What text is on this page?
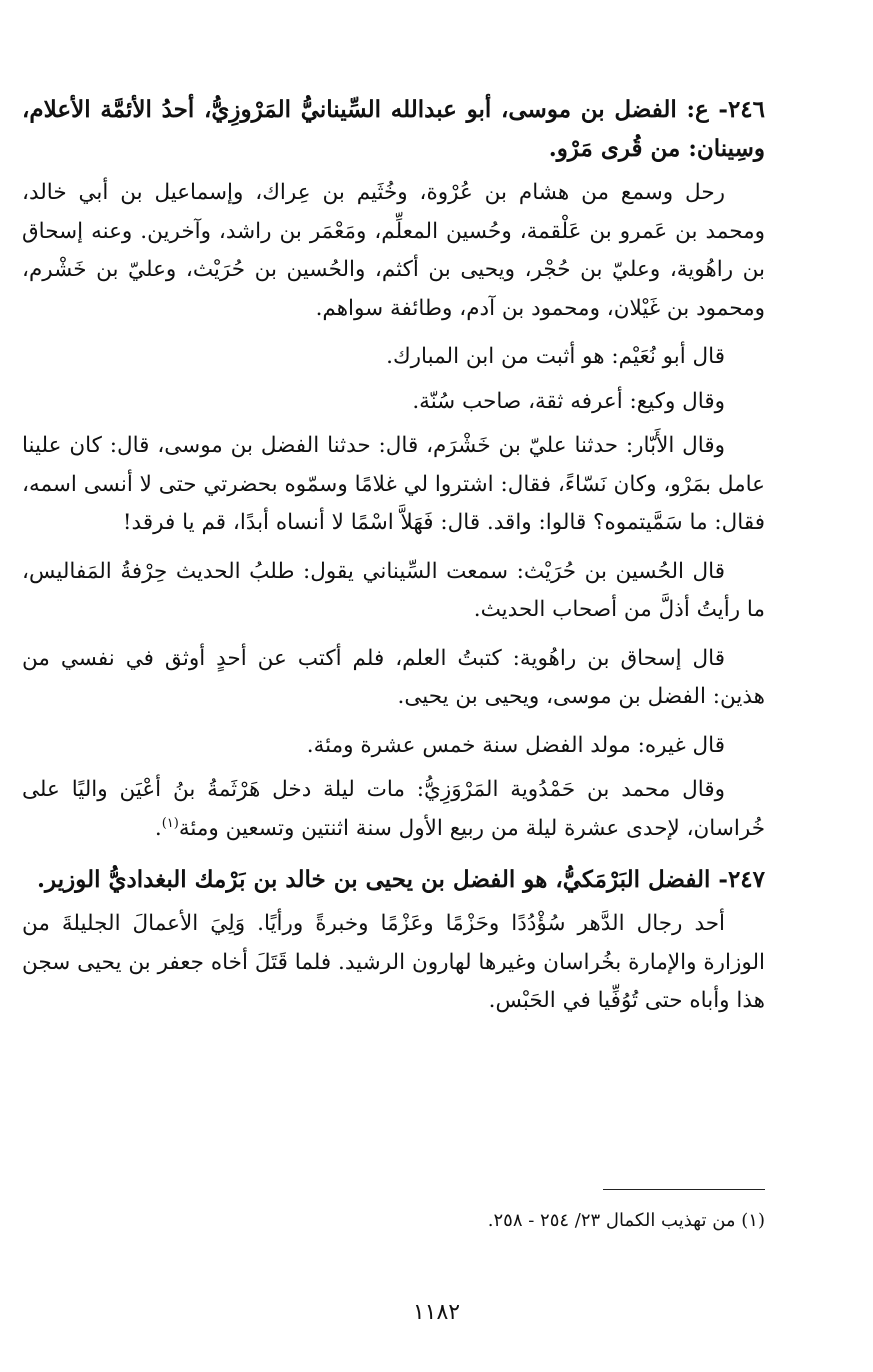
٢٤٦- ع: الفضل بن موسى، أبو عبدالله السِّينانيُّ المَرْوزِيُّ، أحدُ الأئمَّة الأعلام، وسِينان: من قُرى مَرْو.
رحل وسمع من هشام بن عُرْوة، وخُثَيم بن عِراك، وإسماعيل بن أبي خالد، ومحمد بن عَمرو بن عَلْقمة، وحُسين المعلِّم، ومَعْمَر بن راشد، وآخرين. وعنه إسحاق بن راهُوية، وعليّ بن حُجْر، ويحيى بن أكثم، والحُسين بن حُرَيْث، وعليّ بن خَشْرم، ومحمود بن غَيْلان، ومحمود بن آدم، وطائفة سواهم.
قال أبو نُعَيْم: هو أثبت من ابن المبارك.
وقال وكيع: أعرفه ثقة، صاحب سُنّة.
وقال الأَبّار: حدثنا عليّ بن خَشْرَم، قال: حدثنا الفضل بن موسى، قال: كان علينا عامل بمَرْو، وكان نَسّاءً، فقال: اشتروا لي غلامًا وسمّوه بحضرتي حتى لا أنسى اسمه، فقال: ما سَمَّيتموه؟ قالوا: واقد. قال: فَهَلاَّ اسْمًا لا أنساه أبدًا، قم يا فرقد!
قال الحُسين بن حُرَيْث: سمعت السِّيناني يقول: طلبُ الحديث حِرْفةُ المَفاليس، ما رأيتُ أذلَّ من أصحاب الحديث.
قال إسحاق بن راهُوية: كتبتُ العلم، فلم أكتب عن أحدٍ أوثق في نفسي من هذين: الفضل بن موسى، ويحيى بن يحيى.
قال غيره: مولد الفضل سنة خمس عشرة ومئة.
وقال محمد بن حَمْدُوية المَرْوَزِيُّ: مات ليلة دخل هَرْثَمةُ بنُ أعْيَن واليًا على خُراسان، لإحدى عشرة ليلة من ربيع الأول سنة اثنتين وتسعين ومئة$^{(١)}$.
٢٤٧- الفضل البَرْمَكيُّ، هو الفضل بن يحيى بن خالد بن بَرْمك البغداديُّ الوزير.
أحد رجال الدَّهر سُؤْدُدًا وحَزْمًا وعَزْمًا وخبرةً ورأيًا. وَلِيَ الأعمالَ الجليلةَ من الوزارة والإمارة بخُراسان وغيرها لهارون الرشيد. فلما قَتَلَ أخاه جعفر بن يحيى سجن هذا وأباه حتى تُوُفِّيا في الحَبْس.
(١) من تهذيب الكمال ٢٣/ ٢٥٤ - ٢٥٨.
١١٨٢
